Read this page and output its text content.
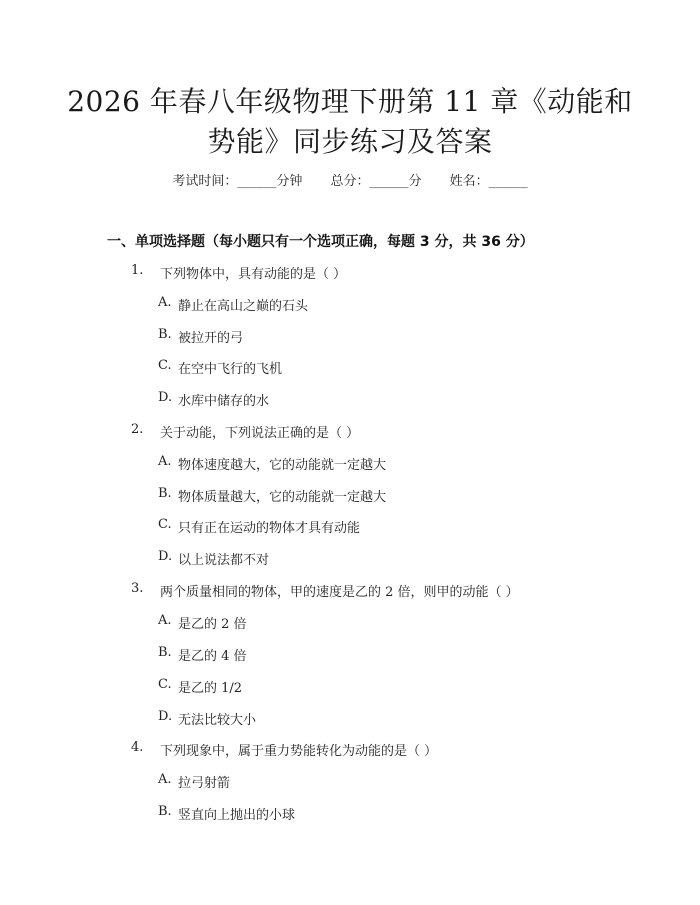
2026 年春八年级物理下册第 11 章《动能和
势能》同步练习及答案
考试时间：______分钟 总分：______分 姓名：______
一、单项选择题（每小题只有一个选项正确，每题 3 分，共 36 分）
1.	下列物体中，具有动能的是（ ）
A. 静止在高山之巅的石头
B. 被拉开的弓
C. 在空中飞行的飞机
D. 水库中储存的水
2.	关于动能，下列说法正确的是（ ）
A. 物体速度越大，它的动能就一定越大
B. 物体质量越大，它的动能就一定越大
C. 只有正在运动的物体才具有动能
D. 以上说法都不对
3.	两个质量相同的物体，甲的速度是乙的 2 倍，则甲的动能（ ）
A. 是乙的 2 倍
B. 是乙的 4 倍
C. 是乙的 1/2
D. 无法比较大小
4.	下列现象中，属于重力势能转化为动能的是（ ）
A. 拉弓射箭
B. 竖直向上抛出的小球
